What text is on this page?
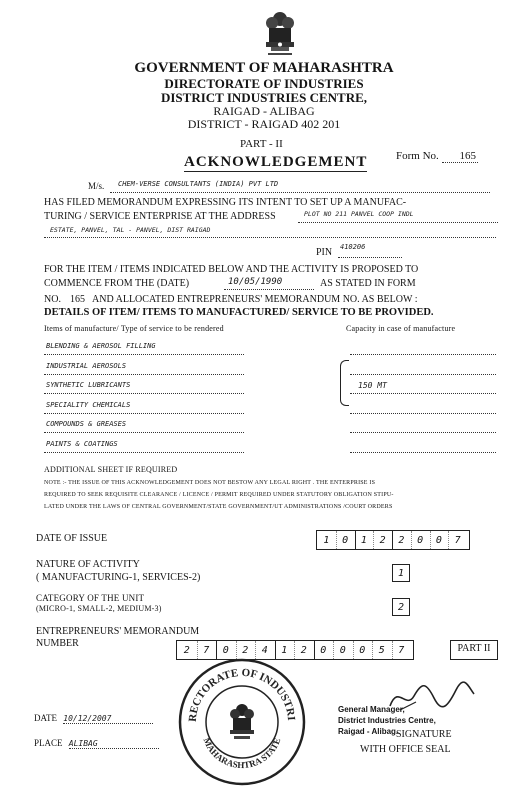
GOVERNMENT OF MAHARASHTRA
DIRECTORATE OF INDUSTRIES
DISTRICT INDUSTRIES CENTRE,
RAIGAD - ALIBAG
DISTRICT - RAIGAD 402 201
PART - II
ACKNOWLEDGEMENT	Form No. 165
M/s. CHEM-VERSE CONSULTANTS (INDIA) PVT LTD
HAS FILED MEMORANDUM EXPRESSING ITS INTENT TO SET UP A MANUFAC-
TURING / SERVICE ENTERPRISE AT THE ADDRESS	PLOT NO 211 PANVEL COOP INDL
ESTATE, PANVEL, TAL - PANVEL, DIST RAIGAD
PIN 410206
FOR THE ITEM / ITEMS INDICATED BELOW AND THE ACTIVITY IS PROPOSED TO
COMMENCE FROM THE (DATE)	10/05/1990	AS STATED IN FORM
NO. 165 AND ALLOCATED ENTREPRENEURS' MEMORANDUM NO. AS BELOW :
DETAILS OF ITEM/ ITEMS TO MANUFACTURED/ SERVICE TO BE PROVIDED.
Items of manufacture/ Type of service to be rendered	Capacity in case of manufacture
BLENDING & AEROSOL FILLING
INDUSTRIAL AEROSOLS
SYNTHETIC LUBRICANTS	150 MT
SPECIALITY CHEMICALS
COMPOUNDS & GREASES
PAINTS & COATINGS
ADDITIONAL SHEET IF REQUIRED
NOTE :- THE ISSUE OF THIS ACKNOWLEDGEMENT DOES NOT BESTOW ANY LEGAL RIGHT . THE ENTERPRISE IS
REQUIRED TO SEEK REQUISITE CLEARANCE / LICENCE / PERMIT REQUIRED UNDER STATUTORY OBLIGATION STIPU-
LATED UNDER THE LAWS OF CENTRAL GOVERNMENT/STATE GOVERNMENT/UT ADMINISTRATIONS /COURT ORDERS
DATE OF ISSUE	1	0	1	2	2	0	0	7
NATURE OF ACTIVITY
( MANUFACTURING-1, SERVICES-2)	1
CATEGORY OF THE UNIT
(MICRO-1, SMALL-2, MEDIUM-3)	2
ENTREPRENEURS' MEMORANDUM
NUMBER
2	7	0	2	4	1	2	0	0	0	5	7	PART II
RECTORATE OF INDUSTRI
MAHARASHTRA STATE
DATE 10/12/2007
PLACE ALIBAG
General Manager,
District Industries Centre,
Raigad - Alibag.
SIGNATURE
WITH OFFICE SEAL
